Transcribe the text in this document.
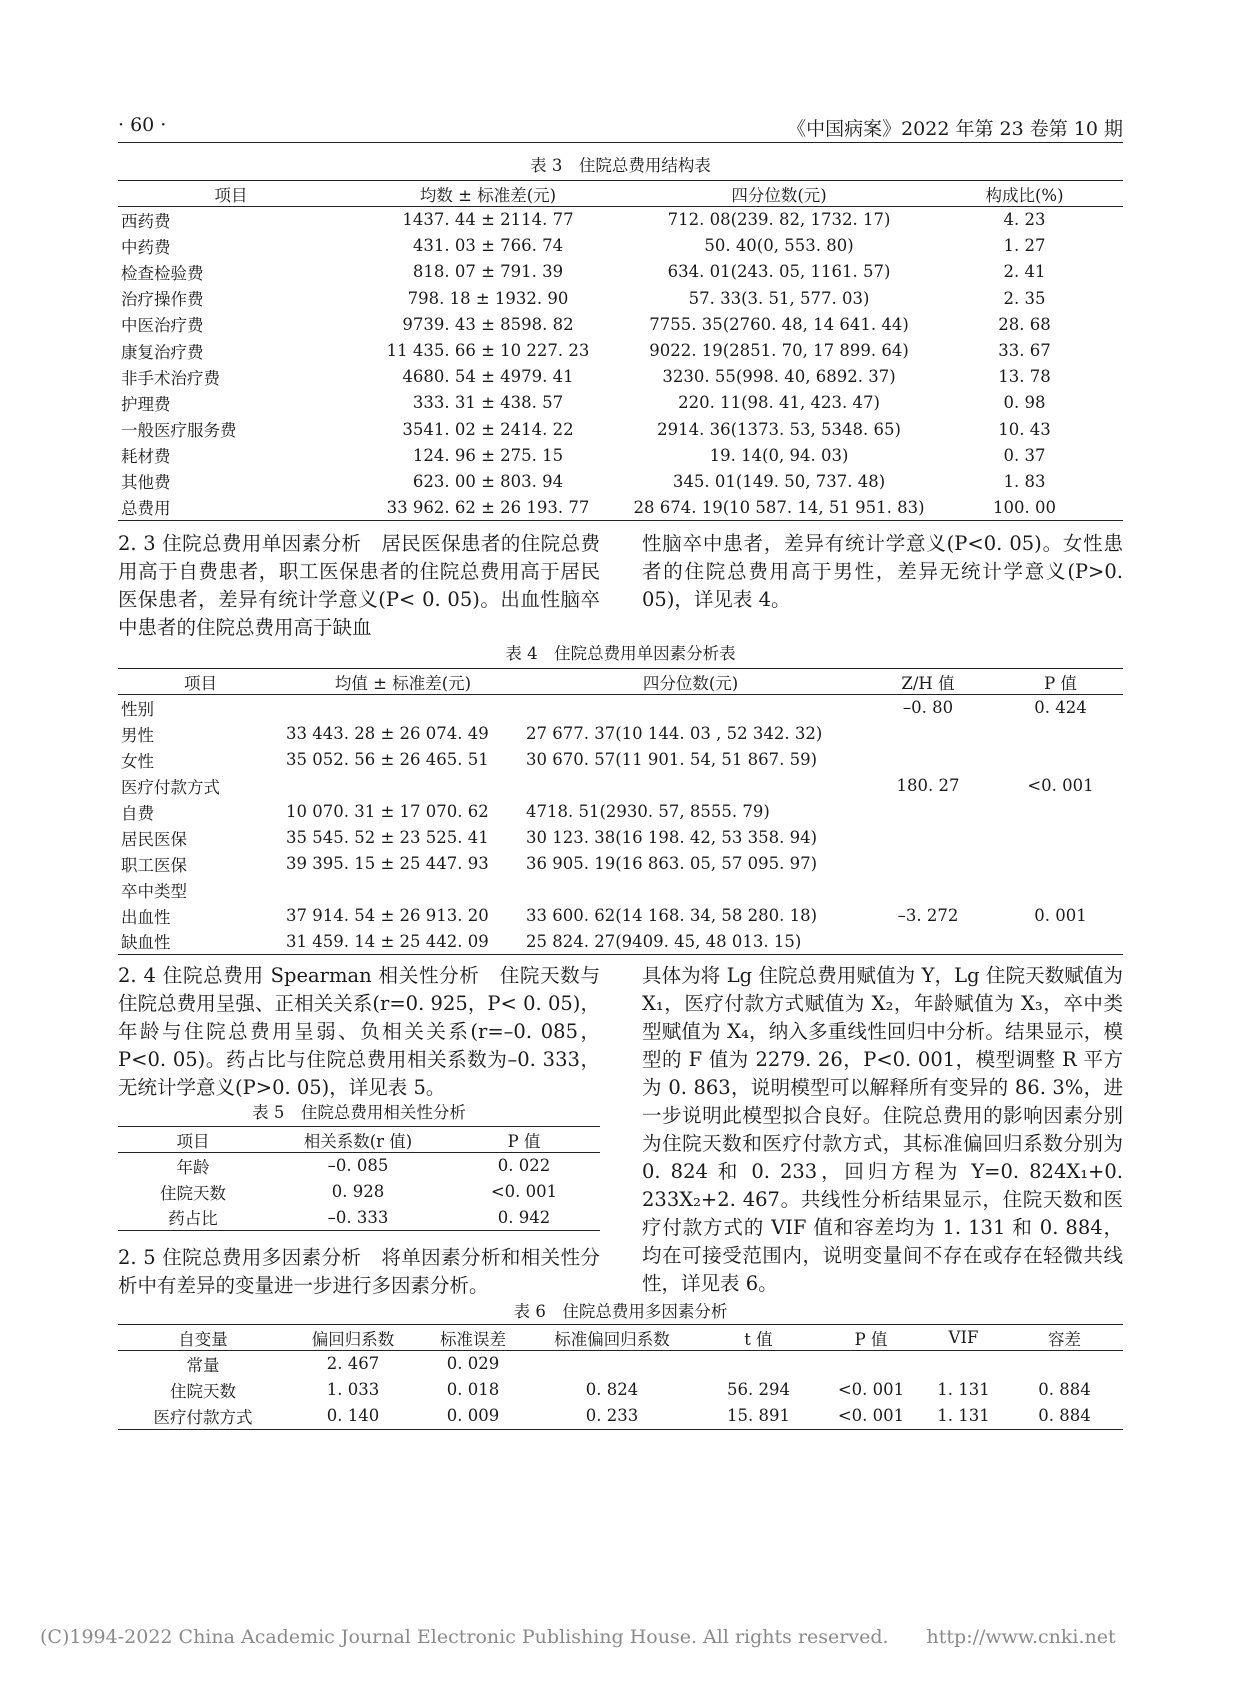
· 60 ·	《中国病案》2022 年第 23 卷第 10 期
表 3　住院总费用结构表
项目	均数 ± 标准差(元)	四分位数(元)	构成比(%)
西药费	1437. 44 ± 2114. 77	712. 08(239. 82, 1732. 17)	4. 23
中药费	431. 03 ± 766. 74	50. 40(0, 553. 80)	1. 27
检查检验费	818. 07 ± 791. 39	634. 01(243. 05, 1161. 57)	2. 41
治疗操作费	798. 18 ± 1932. 90	57. 33(3. 51, 577. 03)	2. 35
中医治疗费	9739. 43 ± 8598. 82	7755. 35(2760. 48, 14 641. 44)	28. 68
康复治疗费	11 435. 66 ± 10 227. 23	9022. 19(2851. 70, 17 899. 64)	33. 67
非手术治疗费	4680. 54 ± 4979. 41	3230. 55(998. 40, 6892. 37)	13. 78
护理费	333. 31 ± 438. 57	220. 11(98. 41, 423. 47)	0. 98
一般医疗服务费	3541. 02 ± 2414. 22	2914. 36(1373. 53, 5348. 65)	10. 43
耗材费	124. 96 ± 275. 15	19. 14(0, 94. 03)	0. 37
其他费	623. 00 ± 803. 94	345. 01(149. 50, 737. 48)	1. 83
总费用	33 962. 62 ± 26 193. 77	28 674. 19(10 587. 14, 51 951. 83)	100. 00

2. 3 住院总费用单因素分析　居民医保患者的住院总费用高于自费患者，职工医保患者的住院总费用高于居民医保患者，差异有统计学意义(P< 0. 05)。出血性脑卒中患者的住院总费用高于缺血

性脑卒中患者，差异有统计学意义(P<0. 05)。女性患者的住院总费用高于男性，差异无统计学意义(P>0. 05)，详见表 4。

表 4　住院总费用单因素分析表
项目	均值 ± 标准差(元)	四分位数(元)	Z/H 值	P 值
性别			–0. 80	0. 424
男性	33 443. 28 ± 26 074. 49	27 677. 37(10 144. 03 , 52 342. 32)		
女性	35 052. 56 ± 26 465. 51	30 670. 57(11 901. 54, 51 867. 59)		
医疗付款方式			180. 27	<0. 001
自费	10 070. 31 ± 17 070. 62	4718. 51(2930. 57, 8555. 79)		
居民医保	35 545. 52 ± 23 525. 41	30 123. 38(16 198. 42, 53 358. 94)		
职工医保	39 395. 15 ± 25 447. 93	36 905. 19(16 863. 05, 57 095. 97)		
卒中类型				
出血性	37 914. 54 ± 26 913. 20	33 600. 62(14 168. 34, 58 280. 18)	–3. 272	0. 001
缺血性	31 459. 14 ± 25 442. 09	25 824. 27(9409. 45, 48 013. 15)		

2. 4 住院总费用 Spearman 相关性分析　住院天数与住院总费用呈强、正相关关系(r=0. 925，P< 0. 05)，年龄与住院总费用呈弱、负相关关系(r=–0. 085，P<0. 05)。药占比与住院总费用相关系数为–0. 333，无统计学意义(P>0. 05)，详见表 5。

表 5　住院总费用相关性分析
项目	相关系数(r 值)	P 值
年龄	–0. 085	0. 022
住院天数	0. 928	<0. 001
药占比	–0. 333	0. 942

2. 5 住院总费用多因素分析　将单因素分析和相关性分析中有差异的变量进一步进行多因素分析。

具体为将 Lg 住院总费用赋值为 Y，Lg 住院天数赋值为 X₁，医疗付款方式赋值为 X₂，年龄赋值为 X₃，卒中类型赋值为 X₄，纳入多重线性回归中分析。结果显示，模型的 F 值为 2279. 26，P<0. 001，模型调整 R 平方为 0. 863，说明模型可以解释所有变异的 86. 3%，进一步说明此模型拟合良好。住院总费用的影响因素分别为住院天数和医疗付款方式，其标准偏回归系数分别为 0. 824 和 0. 233，回归方程为 Y=0. 824X₁+0. 233X₂+2. 467。共线性分析结果显示，住院天数和医疗付款方式的 VIF 值和容差均为 1. 131 和 0. 884，均在可接受范围内，说明变量间不存在或存在轻微共线性，详见表 6。

表 6　住院总费用多因素分析
自变量	偏回归系数	标准误差	标准偏回归系数	t 值	P 值	VIF	容差
常量	2. 467	0. 029					
住院天数	1. 033	0. 018	0. 824	56. 294	<0. 001	1. 131	0. 884
医疗付款方式	0. 140	0. 009	0. 233	15. 891	<0. 001	1. 131	0. 884
(C)1994-2022 China Academic Journal Electronic Publishing House. All rights reserved.　　http://www.cnki.net
